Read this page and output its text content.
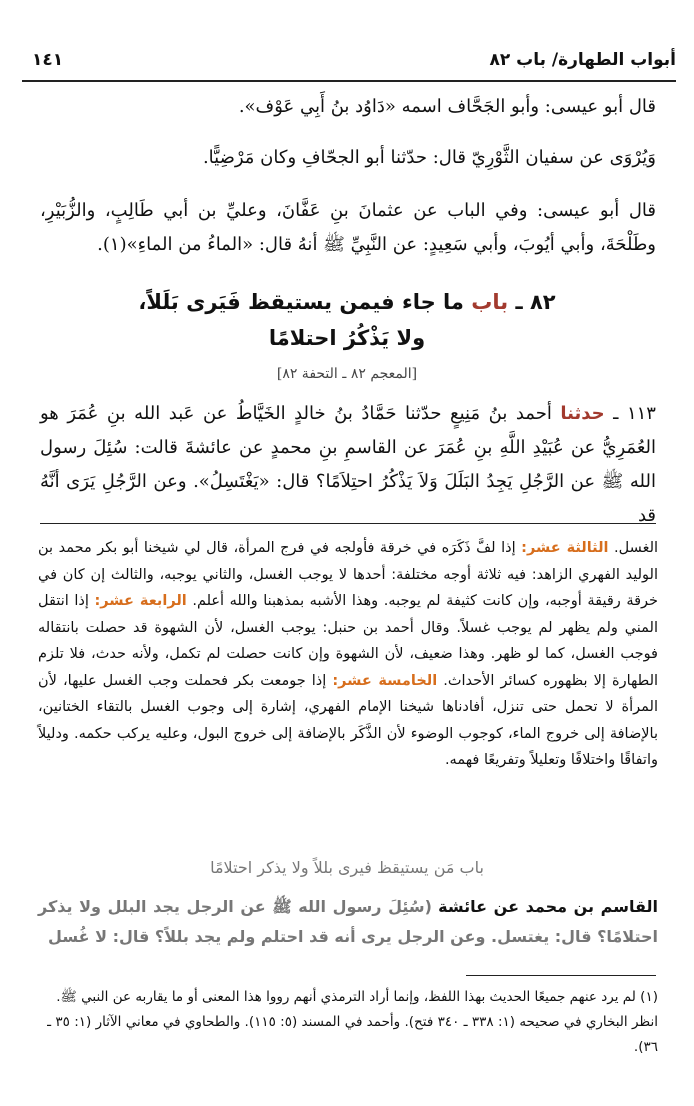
أبواب الطهارة/ باب ٨٢
١٤١
قال أبو عيسى: وأبو الجَحَّاف اسمه «دَاوُد بنُ أَبِي عَوْف».
وَيُرْوَى عن سفيان الثَّوْرِيّ قال: حدّثنا أبو الجحّافِ وكان مَرْضِيًّا.
قال أبو عيسى: وفي الباب عن عثمانَ بنِ عَفَّانَ، وعليِّ بن أبي طَالِبٍ، والزُّبَيْرِ، وطَلْحَةَ، وأبي أيُوبَ، وأبي سَعِيدٍ: عن النَّبِيِّ ﷺ أنهُ قال: «الماءُ من الماءِ»(١).
٨٢ ـ باب ما جاء فيمن يستيقظ فَيَرى بَلَلاً،
ولا يَذْكُرُ احتلامًا
[المعجم ٨٢ ـ التحفة ٨٢]
١١٣ ـ حدثنا أحمد بنُ مَنِيعٍ حدّثنا حَمَّادُ بنُ خالدٍ الخَيَّاطُ عن عَبد الله بنِ عُمَرَ هو العُمَرِيُّ عن عُبَيْدِ اللَّهِ بنِ عُمَرَ عن القاسمِ بنِ محمدٍ عن عائشةَ قالت: سُئِلَ رسول الله ﷺ عن الرَّجُلِ يَجِدُ البَلَلَ وَلاَ يَذْكُرُ احتِلاَمًا؟ قال: «يَغْتَسِلُ». وعن الرَّجُلِ يَرَى أنَّهُ قد
الغسل. الثالثة عشر: إذا لفَّ ذَكَرَه في خرقة فأولجه في فرج المرأة، قال لي شيخنا أبو بكر محمد بن الوليد الفهري الزاهد: فيه ثلاثة أوجه مختلفة: أحدها لا يوجب الغسل، والثاني يوجبه، والثالث إن كان في خرقة رقيقة أوجبه، وإن كانت كثيفة لم يوجبه. وهذا الأشبه بمذهبنا والله أعلم. الرابعة عشر: إذا انتقل المني ولم يظهر لم يوجب غسلاً. وقال أحمد بن حنبل: يوجب الغسل، لأن الشهوة قد حصلت بانتقاله فوجب الغسل، كما لو ظهر. وهذا ضعيف، لأن الشهوة وإن كانت حصلت لم تكمل، ولأنه حدث، فلا تلزم الطهارة إلا بظهوره كسائر الأحداث. الخامسة عشر: إذا جومعت بكر فحملت وجب الغسل عليها، لأن المرأة لا تحمل حتى تنزل، أفادناها شيخنا الإمام الفهري، إشارة إلى وجوب الغسل بالتقاء الختانين، بالإضافة إلى خروج الماء، كوجوب الوضوء لأن الذَّكَر بالإضافة إلى خروج البول، وعليه يركب حكمه. ودليلاً واتفاقًا واختلافًا وتعليلاً وتفريعًا فهمه.
باب مَن يستيقظ فيرى بللاً ولا يذكر احتلامًا
القاسم بن محمد عن عائشة (سُئِلَ رسول الله ﷺ عن الرجل يجد البلل ولا يذكر احتلامًا؟ قال: يغتسل. وعن الرجل يرى أنه قد احتلم ولم يجد بللاً؟ قال: لا غُسل
(١) لم يرد عنهم جميعًا الحديث بهذا اللفظ، وإنما أراد الترمذي أنهم رووا هذا المعنى أو ما يقاربه عن النبي ﷺ. انظر البخاري في صحيحه (١: ٣٣٨ ـ ٣٤٠ فتح). وأحمد في المسند (٥: ١١٥). والطحاوي في معاني الآثار (١: ٣٥ ـ ٣٦).
